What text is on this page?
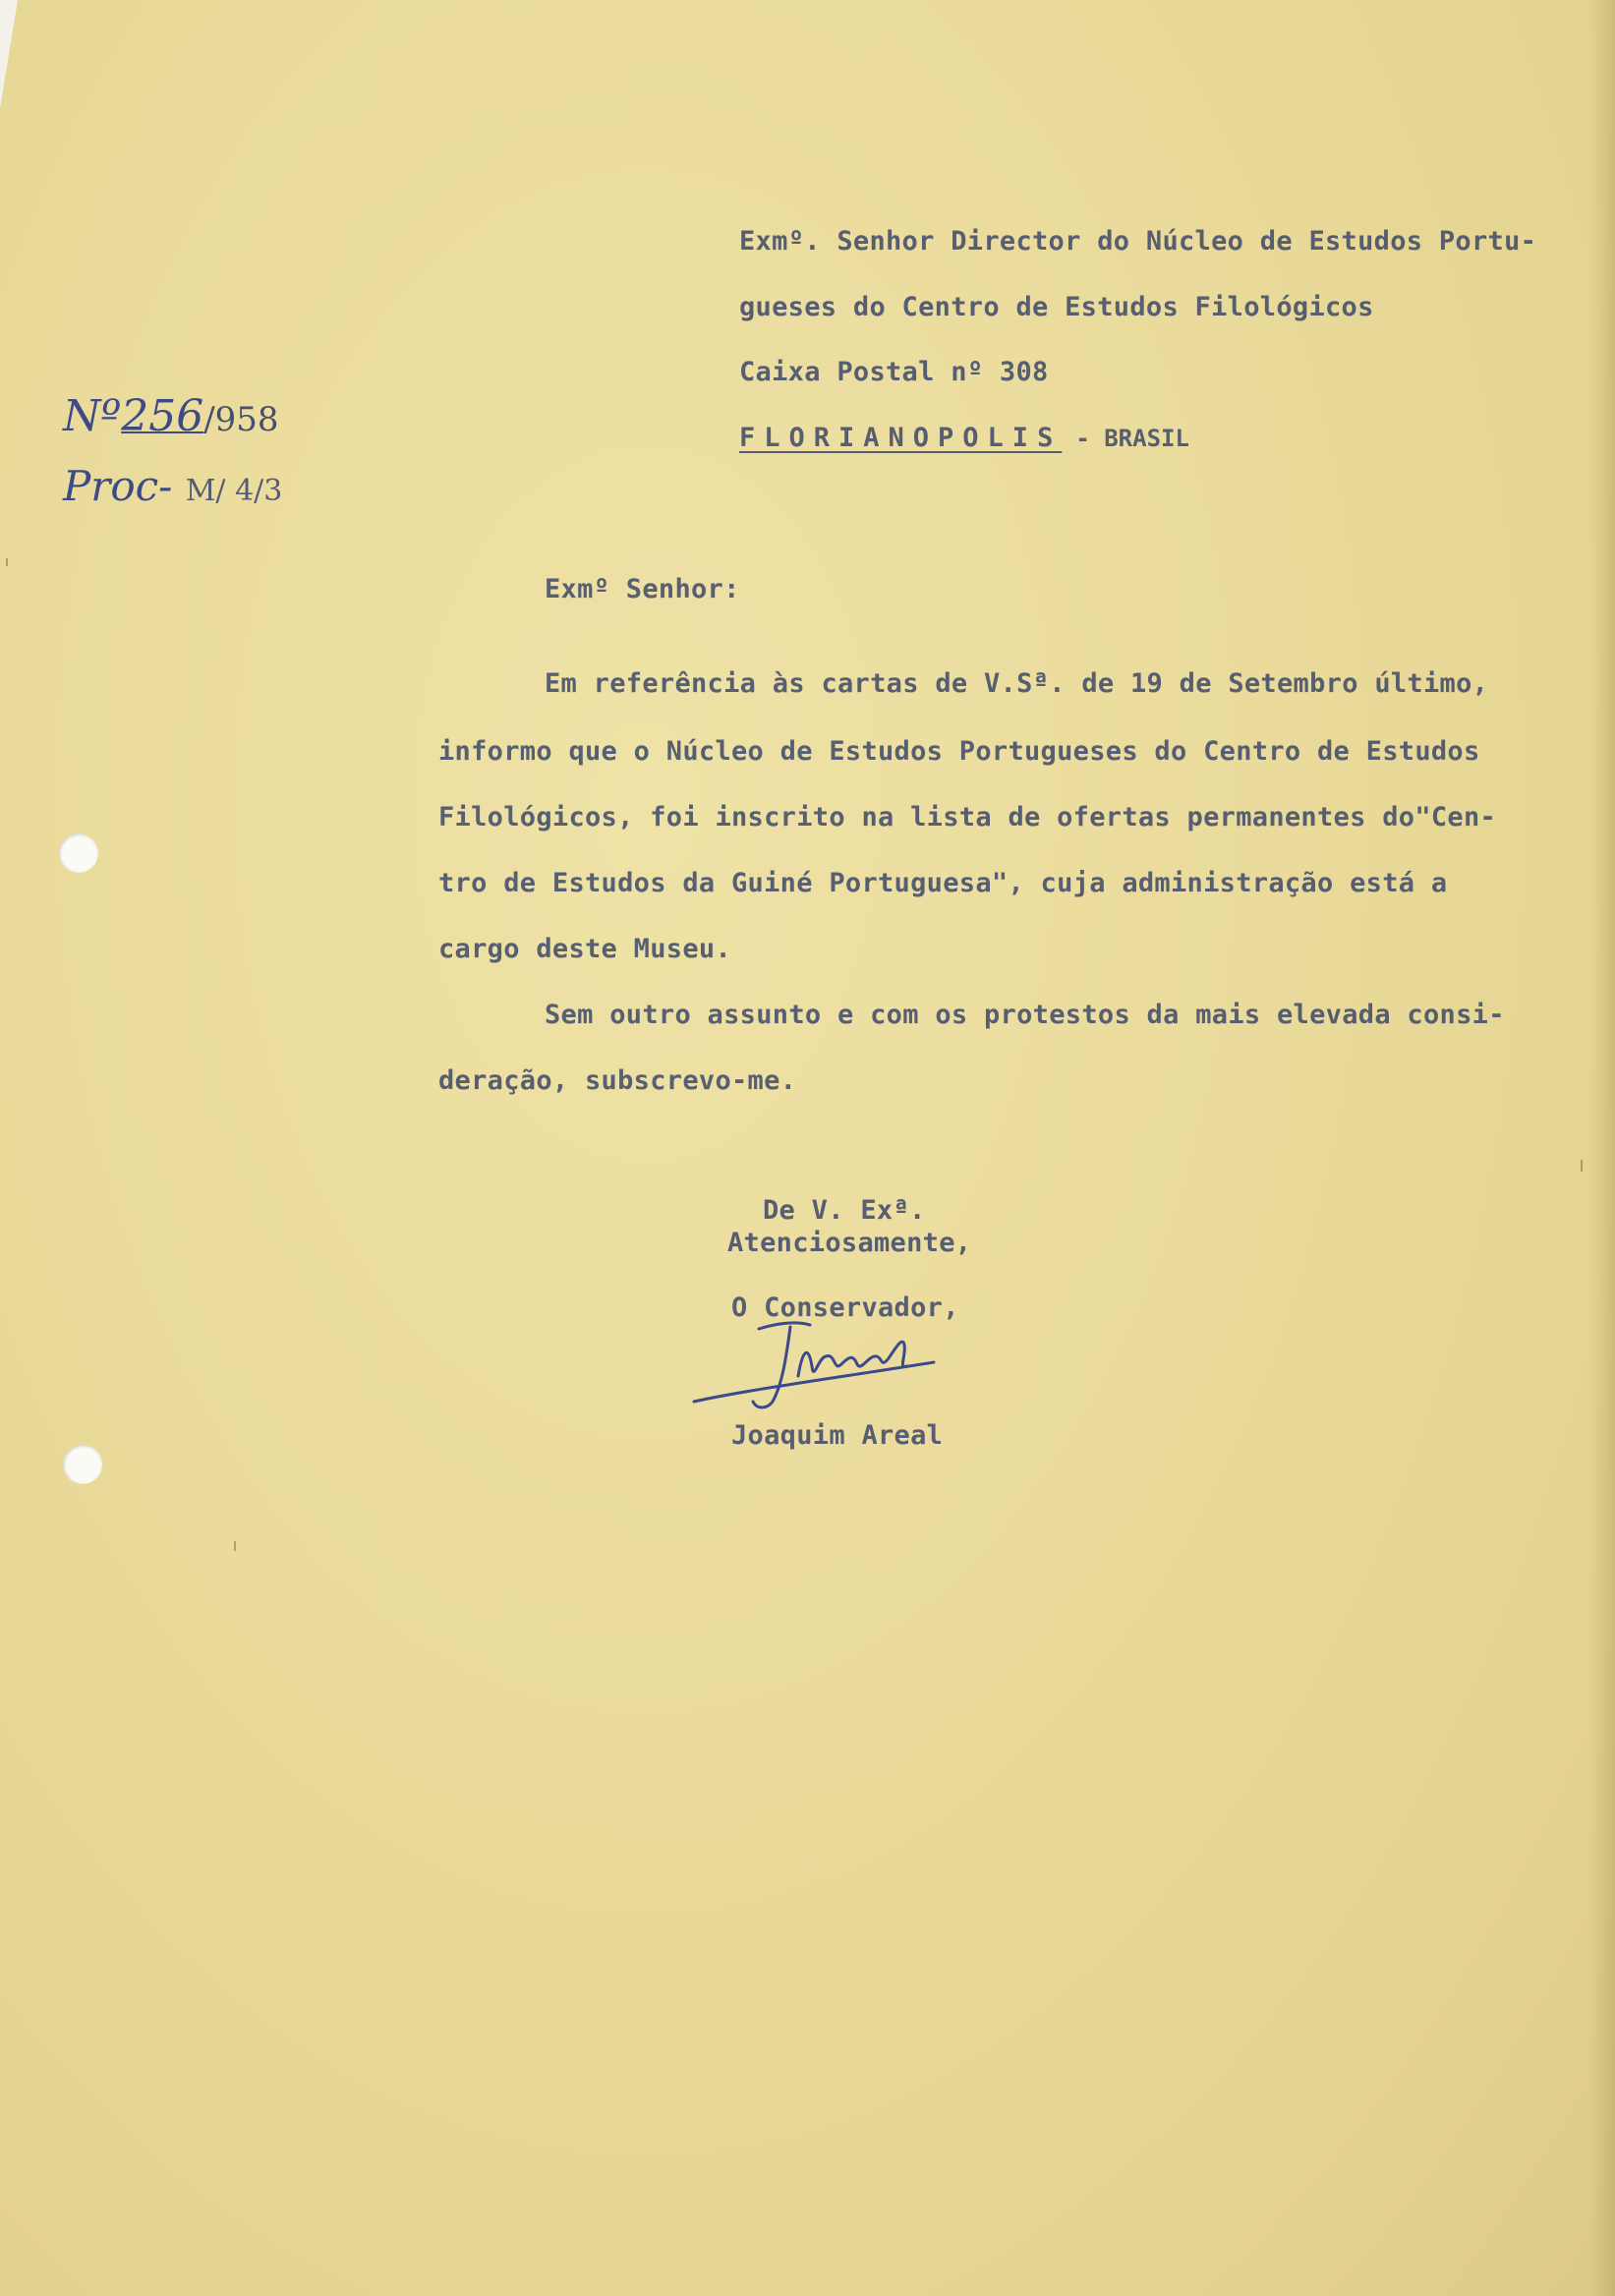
Nº256/958
Proc- M/ 4/3
Exmº. Senhor Director do Núcleo de Estudos Portu-
gueses do Centro de Estudos Filológicos
Caixa Postal nº 308
FLORIANOPOLIS - BRASIL
Exmº Senhor:
Em referência às cartas de V.Sª. de 19 de Setembro último,
informo que o Núcleo de Estudos Portugueses do Centro de Estudos
Filológicos, foi inscrito na lista de ofertas permanentes do"Cen-
tro de Estudos da Guiné Portuguesa", cuja administração está a
cargo deste Museu.
Sem outro assunto e com os protestos da mais elevada consi-
deração, subscrevo-me.
De V. Exª.
Atenciosamente,
O Conservador,
Joaquim Areal
